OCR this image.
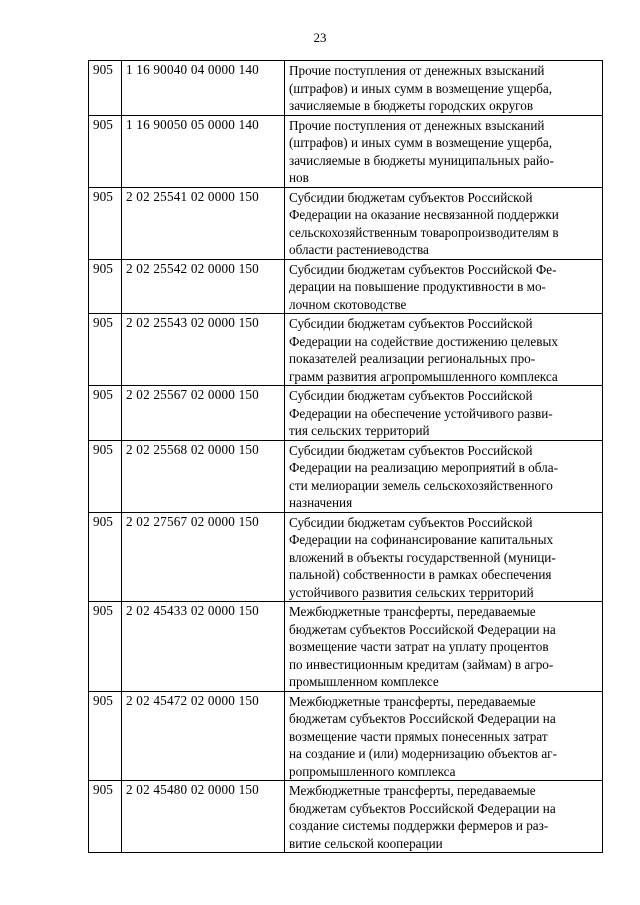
23
905	1 16 90040 04 0000 140	Прочие поступления от денежных взысканий
(штрафов) и иных сумм в возмещение ущерба,
зачисляемые в бюджеты городских округов
905	1 16 90050 05 0000 140	Прочие поступления от денежных взысканий
(штрафов) и иных сумм в возмещение ущерба,
зачисляемые в бюджеты муниципальных райо-
нов
905	2 02 25541 02 0000 150	Субсидии бюджетам субъектов Российской
Федерации на оказание несвязанной поддержки
сельскохозяйственным товаропроизводителям в
области растениеводства
905	2 02 25542 02 0000 150	Субсидии бюджетам субъектов Российской Фе-
дерации на повышение продуктивности в мо-
лочном скотоводстве
905	2 02 25543 02 0000 150	Субсидии бюджетам субъектов Российской
Федерации на содействие достижению целевых
показателей реализации региональных про-
грамм развития агропромышленного комплекса
905	2 02 25567 02 0000 150	Субсидии бюджетам субъектов Российской
Федерации на обеспечение устойчивого разви-
тия сельских территорий
905	2 02 25568 02 0000 150	Субсидии бюджетам субъектов Российской
Федерации на реализацию мероприятий в обла-
сти мелиорации земель сельскохозяйственного
назначения
905	2 02 27567 02 0000 150	Субсидии бюджетам субъектов Российской
Федерации на софинансирование капитальных
вложений в объекты государственной (муници-
пальной) собственности в рамках обеспечения
устойчивого развития сельских территорий
905	2 02 45433 02 0000 150	Межбюджетные трансферты, передаваемые
бюджетам субъектов Российской Федерации на
возмещение части затрат на уплату процентов
по инвестиционным кредитам (займам) в агро-
промышленном комплексе
905	2 02 45472 02 0000 150	Межбюджетные трансферты, передаваемые
бюджетам субъектов Российской Федерации на
возмещение части прямых понесенных затрат
на создание и (или) модернизацию объектов аг-
ропромышленного комплекса
905	2 02 45480 02 0000 150	Межбюджетные трансферты, передаваемые
бюджетам субъектов Российской Федерации на
создание системы поддержки фермеров и раз-
витие сельской кооперации
